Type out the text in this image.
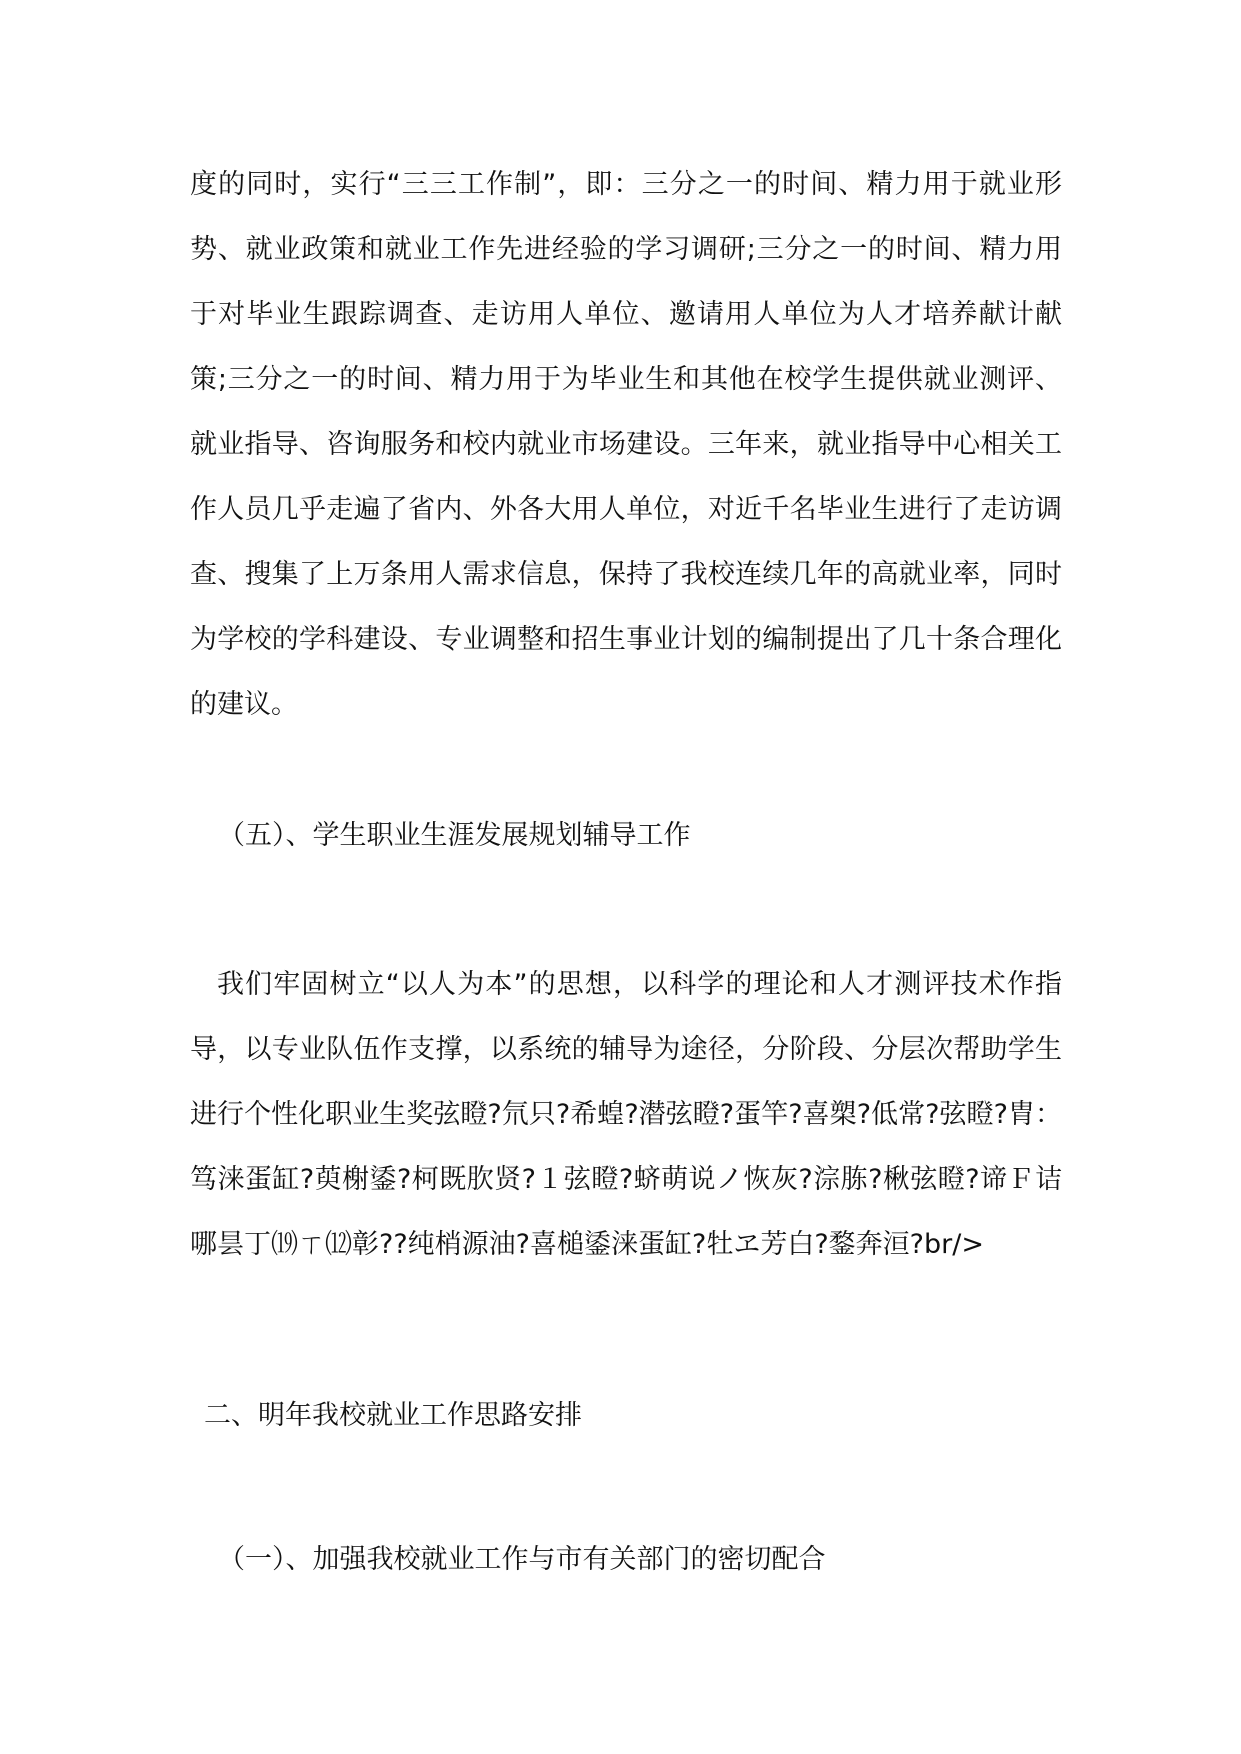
度的同时，实行“三三工作制”，即：三分之一的时间、精力用于就业形势、就业政策和就业工作先进经验的学习调研;三分之一的时间、精力用于对毕业生跟踪调查、走访用人单位、邀请用人单位为人才培养献计献策;三分之一的时间、精力用于为毕业生和其他在校学生提供就业测评、就业指导、咨询服务和校内就业市场建设。三年来，就业指导中心相关工作人员几乎走遍了省内、外各大用人单位，对近千名毕业生进行了走访调查、搜集了上万条用人需求信息，保持了我校连续几年的高就业率，同时为学校的学科建设、专业调整和招生事业计划的编制提出了几十条合理化的建议。

（五）、学生职业生涯发展规划辅导工作

我们牢固树立“以人为本”的思想，以科学的理论和人才测评技术作指导，以专业队伍作支撑，以系统的辅导为途径，分阶段、分层次帮助学生进行个性化职业生奖弦瞪?氘只?希蝗?潜弦瞪?蛋竿?喜槊?低常?弦瞪?胄：笃涞蛋缸?萸榭鋈?柯既肷贤?１弦瞪?蛴萌说ノ恢灰?淙胨?楸弦瞪?谛Ｆ诘哪昙丁⒆ㄒ⑿彰??纯梢源油?喜槌鋈涞蛋缸?牡ヱ芳白?鍪奔洹?br/>

二、明年我校就业工作思路安排

（一）、加强我校就业工作与市有关部门的密切配合
